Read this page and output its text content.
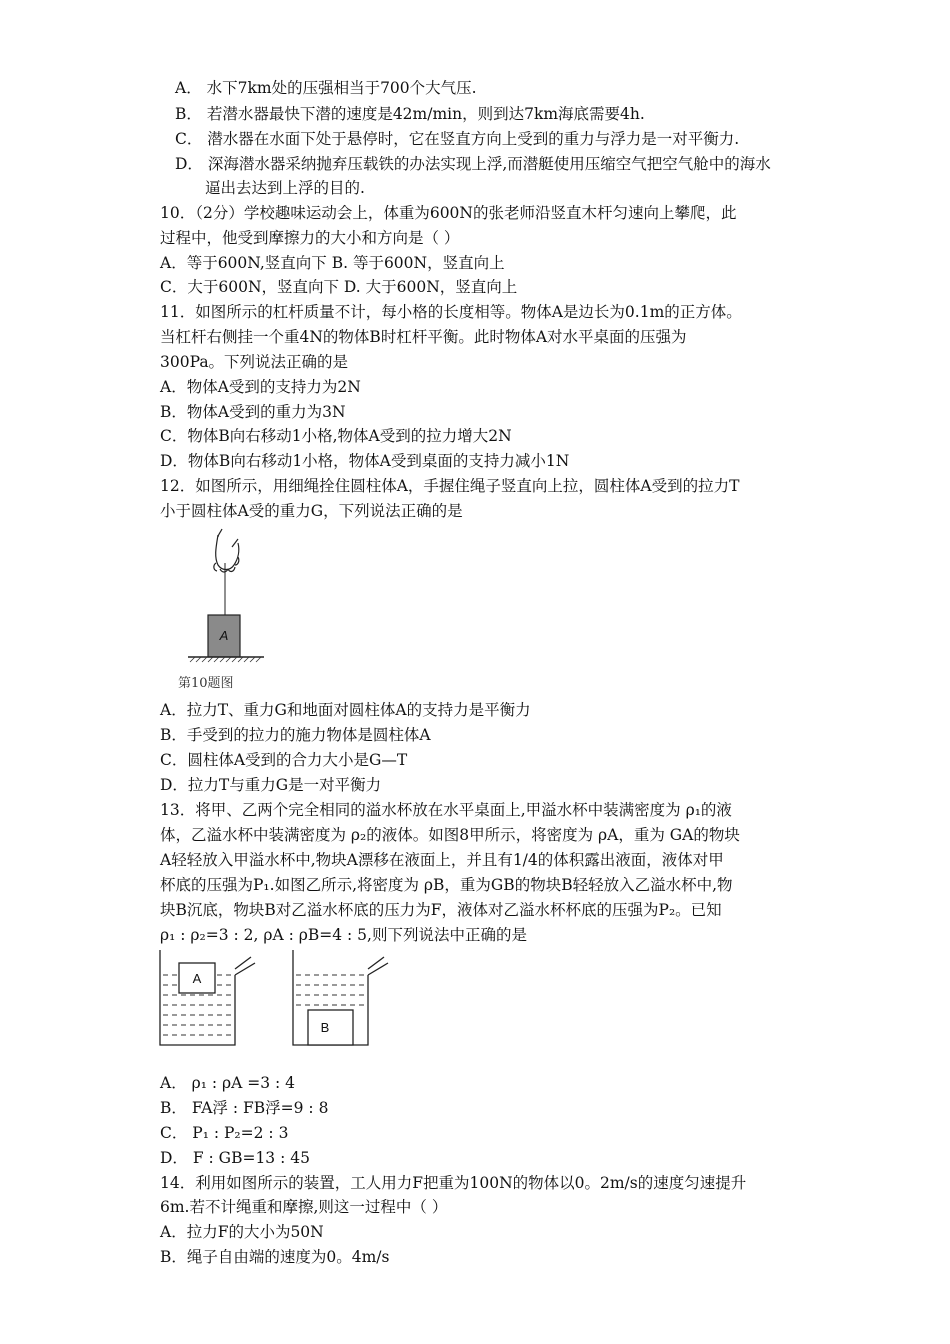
A． 水下7km处的压强相当于700个大气压.
B． 若潜水器最快下潜的速度是42m/min，则到达7km海底需要4h.
C． 潜水器在水面下处于悬停时，它在竖直方向上受到的重力与浮力是一对平衡力.
D． 深海潜水器采纳抛弃压载铁的办法实现上浮,而潜艇使用压缩空气把空气舱中的海水
逼出去达到上浮的目的.
10．（2分）学校趣味运动会上，体重为600N的张老师沿竖直木杆匀速向上攀爬，此
过程中，他受到摩擦力的大小和方向是（ ）
A．等于600N,竖直向下 B. 等于600N，竖直向上
C．大于600N，竖直向下 D. 大于600N，竖直向上
11．如图所示的杠杆质量不计，每小格的长度相等。物体A是边长为0.1m的正方体。
当杠杆右侧挂一个重4N的物体B时杠杆平衡。此时物体A对水平桌面的压强为
300Pa。下列说法正确的是
A．物体A受到的支持力为2N
B．物体A受到的重力为3N
C．物体B向右移动1小格,物体A受到的拉力增大2N
D．物体B向右移动1小格，物体A受到桌面的支持力减小1N
12．如图所示，用细绳拴住圆柱体A，手握住绳子竖直向上拉，圆柱体A受到的拉力T
小于圆柱体A受的重力G，下列说法正确的是
A
第10题图
A．拉力T、重力G和地面对圆柱体A的支持力是平衡力
B．手受到的拉力的施力物体是圆柱体A
C．圆柱体A受到的合力大小是G—T
D．拉力T与重力G是一对平衡力
13．将甲、乙两个完全相同的溢水杯放在水平桌面上,甲溢水杯中装满密度为 ρ₁的液
体，乙溢水杯中装满密度为 ρ₂的液体。如图8甲所示，将密度为 ρA，重为 GA的物块
A轻轻放入甲溢水杯中,物块A漂移在液面上，并且有1/4的体积露出液面，液体对甲
杯底的压强为P₁.如图乙所示,将密度为 ρB，重为GB的物块B轻轻放入乙溢水杯中,物
块B沉底，物块B对乙溢水杯底的压力为F，液体对乙溢水杯杯底的压强为P₂。已知
ρ₁ : ρ₂=3 : 2, ρA : ρB=4 : 5,则下列说法中正确的是
A
B
A． ρ₁ : ρA =3 : 4
B． FA浮 : FB浮=9 : 8
C． P₁ : P₂=2 : 3
D． F : GB=13 : 45
14．利用如图所示的装置，工人用力F把重为100N的物体以0。2m/s的速度匀速提升
6m.若不计绳重和摩擦,则这一过程中（ ）
A．拉力F的大小为50N
B．绳子自由端的速度为0。4m/s
